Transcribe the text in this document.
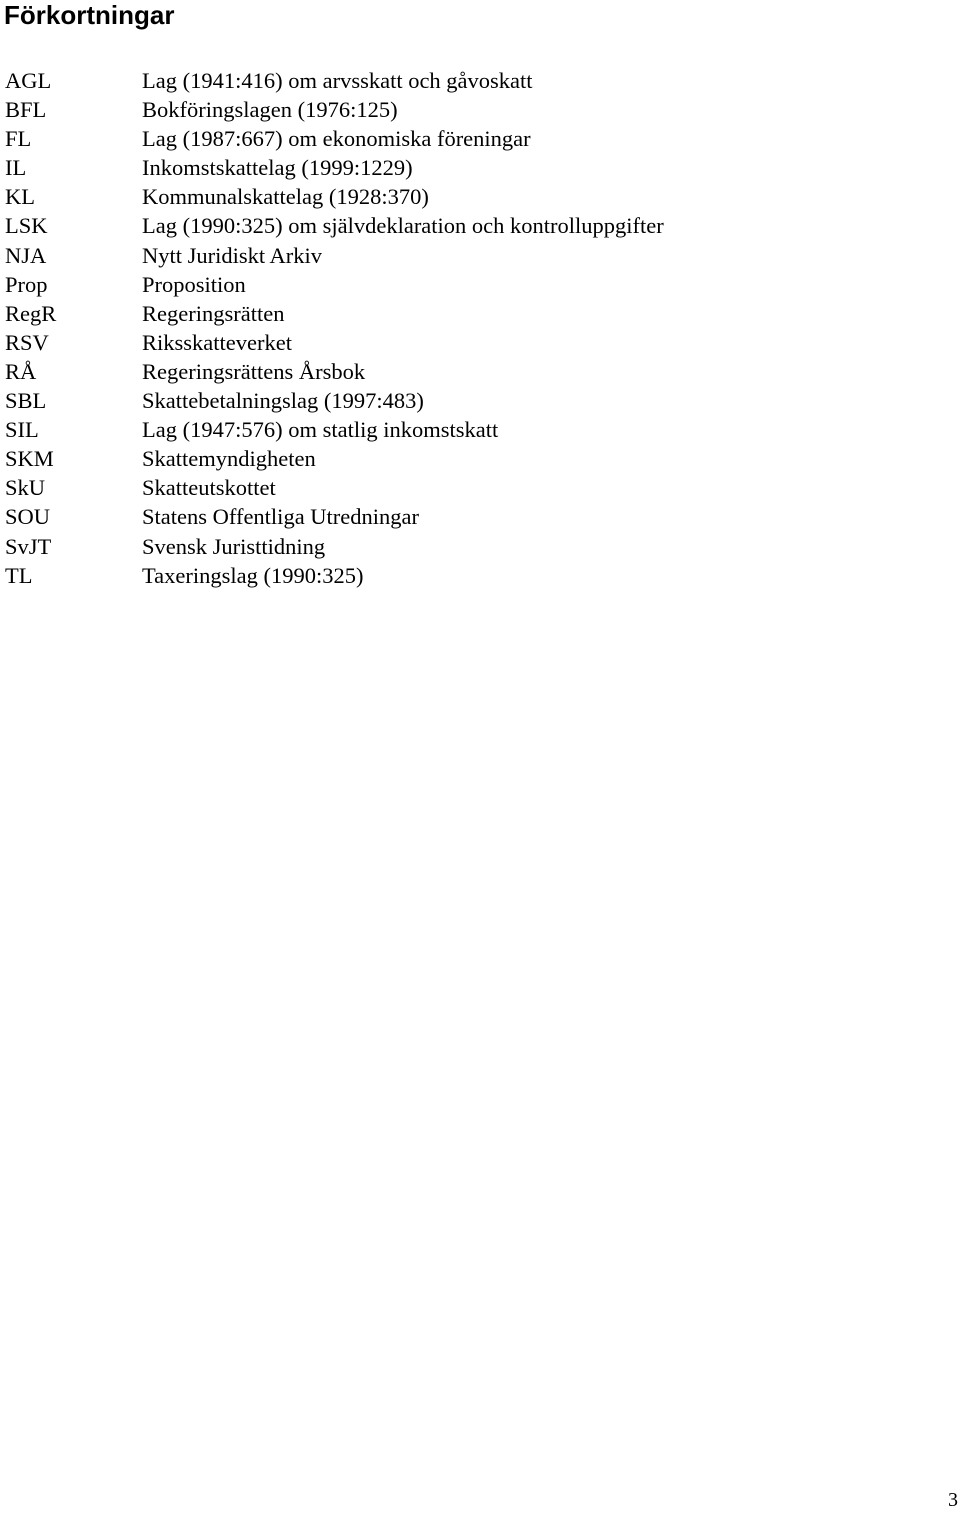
Förkortningar
AGL	Lag (1941:416) om arvsskatt och gåvoskatt
BFL	Bokföringslagen (1976:125)
FL	Lag (1987:667) om ekonomiska föreningar
IL	Inkomstskattelag (1999:1229)
KL	Kommunalskattelag (1928:370)
LSK	Lag (1990:325) om självdeklaration och kontrolluppgifter
NJA	Nytt Juridiskt Arkiv
Prop	Proposition
RegR	Regeringsrätten
RSV	Riksskatteverket
RÅ	Regeringsrättens Årsbok
SBL	Skattebetalningslag (1997:483)
SIL	Lag (1947:576) om statlig inkomstskatt
SKM	Skattemyndigheten
SkU	Skatteutskottet
SOU	Statens Offentliga Utredningar
SvJT	Svensk Juristtidning
TL	Taxeringslag (1990:325)
3
